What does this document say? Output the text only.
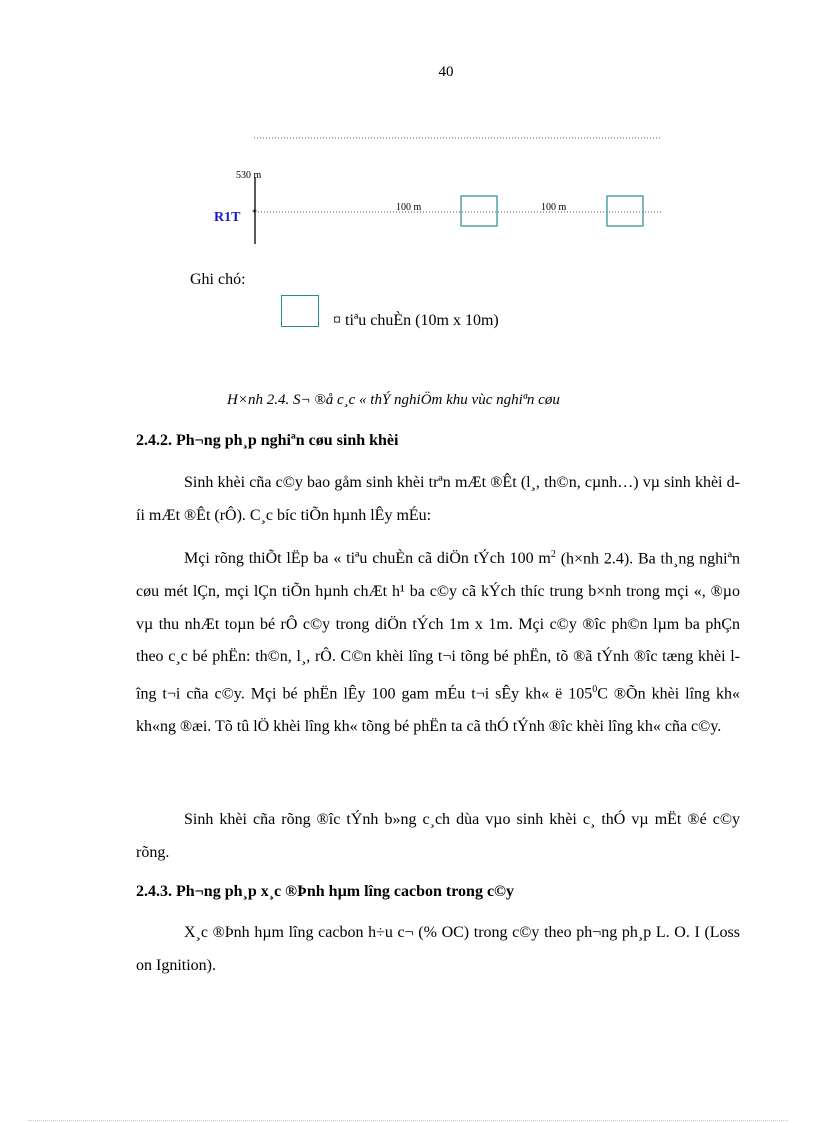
40
530 m
*
R1T
100 m	100 m
Ghi chó:
¤ tiªu chuÈn (10m x 10m)
H×nh 2.4. S¬ ®å c¸c « thÝ nghiÖm khu vùc nghiªn cøu
2.4.2. Ph¬ng ph¸p nghiªn cøu sinh khèi
Sinh khèi cña c©y bao gåm sinh khèi trªn mÆt ®Êt (l¸, th©n, cµnh…) vµ sinh khèi díi mÆt ®Êt (rÔ). C¸c bíc tiÕn hµnh lÊy mÉu:
Mçi rõng thiÕt lËp ba « tiªu chuÈn cã diÖn tÝch 100 $m^2$ (h×nh 2.4). Ba th¸ng nghiªn cøu mét lÇn, mçi lÇn tiÕn hµnh chÆt h¹ ba c©y cã kÝch thíc trung b×nh trong mçi «, ®µo vµ thu nhÆt toµn bé rÔ c©y trong diÖn tÝch 1m x 1m. Mçi c©y ®îc ph©n lµm ba phÇn theo c¸c bé phËn: th©n, l¸, rÔ. C©n khèi lîng t¬i tõng bé phËn, tõ ®ã tÝnh ®îc tæng khèi lîng t¬i cña c©y. Mçi bé phËn lÊy 100 gam mÉu t¬i sÊy kh« ë $105^0C$ ®Õn khèi lîng kh« kh«ng ®æi. Tõ tû lÖ khèi lîng kh« tõng bé phËn ta cã thÓ tÝnh ®îc khèi lîng kh« cña c©y.
Sinh khèi cña rõng ®îc tÝnh b»ng c¸ch dùa vµo sinh khèi c¸ thÓ vµ mËt ®é c©y rõng.
2.4.3. Ph¬ng ph¸p x¸c ®Þnh hµm lîng cacbon trong c©y
X¸c ®Þnh hµm lîng cacbon h÷u c¬ (% OC) trong c©y theo ph¬ng ph¸p L. O. I (Loss on Ignition).
